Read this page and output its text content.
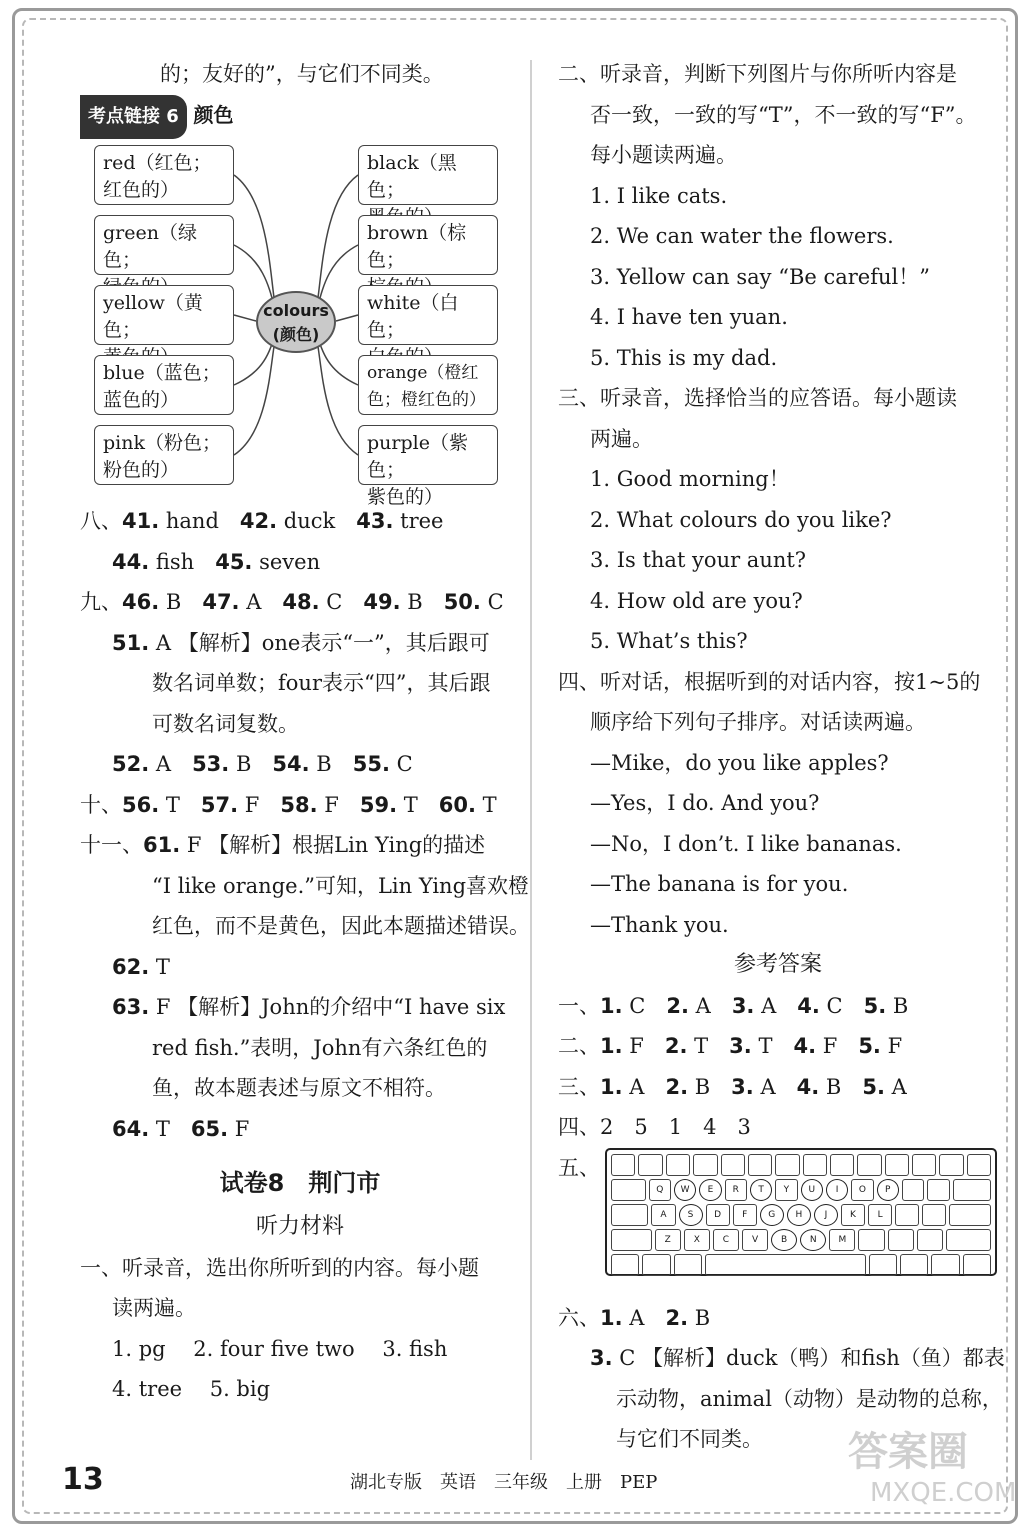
的；友好的”，与它们不同类。
考点链接 6 颜色
red（红色；
红色的）
green（绿色；
yellow（黄色；
blue（蓝色；
蓝色的）
pink（粉色；
粉色的）
black（黑色；
brown（棕色；
white（白色；
orange（橙红
色；橙红色的）
purple（紫色；
紫色的）
colours
(颜色)
八、41. hand　 42. duck　 43. tree
44. fish　 45. seven
九、46. B　 47. A　 48. C　 49. B　 50. C
51. A 【解析】one表示“一”，其后跟可
数名词单数；four表示“四”，其后跟
可数名词复数。
52. A　 53. B　 54. B　 55. C
十、56. T　 57. F　 58. F　 59. T　 60. T
十一、61. F 【解析】根据Lin Ying的描述
“I like orange.”可知，Lin Ying喜欢橙
红色，而不是黄色，因此本题描述错误。
62. T
63. F 【解析】John的介绍中“I have six
red fish.”表明，John有六条红色的
鱼，故本题表述与原文不相符。
64. T　 65. F
试卷8　荆门市
听力材料
一、听录音，选出你所听到的内容。每小题
读两遍。
1. pg　 2. four five two　 3. fish
4. tree　 5. big
二、听录音，判断下列图片与你所听内容是
否一致，一致的写“T”，不一致的写“F”。
每小题读两遍。
1. I like cats.
2. We can water the flowers.
3. Yellow can say “Be careful！”
4. I have ten yuan.
5. This is my dad.
三、听录音，选择恰当的应答语。每小题读
两遍。
1. Good morning！
2. What colours do you like?
3. Is that your aunt?
4. How old are you?
5. What’s this?
四、听对话，根据听到的对话内容，按1~5的
顺序给下列句子排序。对话读两遍。
—Mike，do you like apples?
—Yes，I do. And you?
—No，I don’t. I like bananas.
—The banana is for you.
—Thank you.
参考答案
一、1. C　 2. A　 3. A　 4. C　 5. B
二、1. F　 2. T　 3. T　 4. F　 5. F
三、1. A　 2. B　 3. A　 4. B　 5. A
四、2　5　1　4　3
五、
Q	W	E	R	T	Y	U	I	O	P
A	S	D	F	G	H	J	K	L
Z	X	C	V	B	N	M
六、1. A　 2. B
3. C 【解析】duck（鸭）和fish（鱼）都表
示动物，animal（动物）是动物的总称，
与它们不同类。
13	湖北专版　英语　三年级　上册　PEP
答案圈
MXQE.COM
